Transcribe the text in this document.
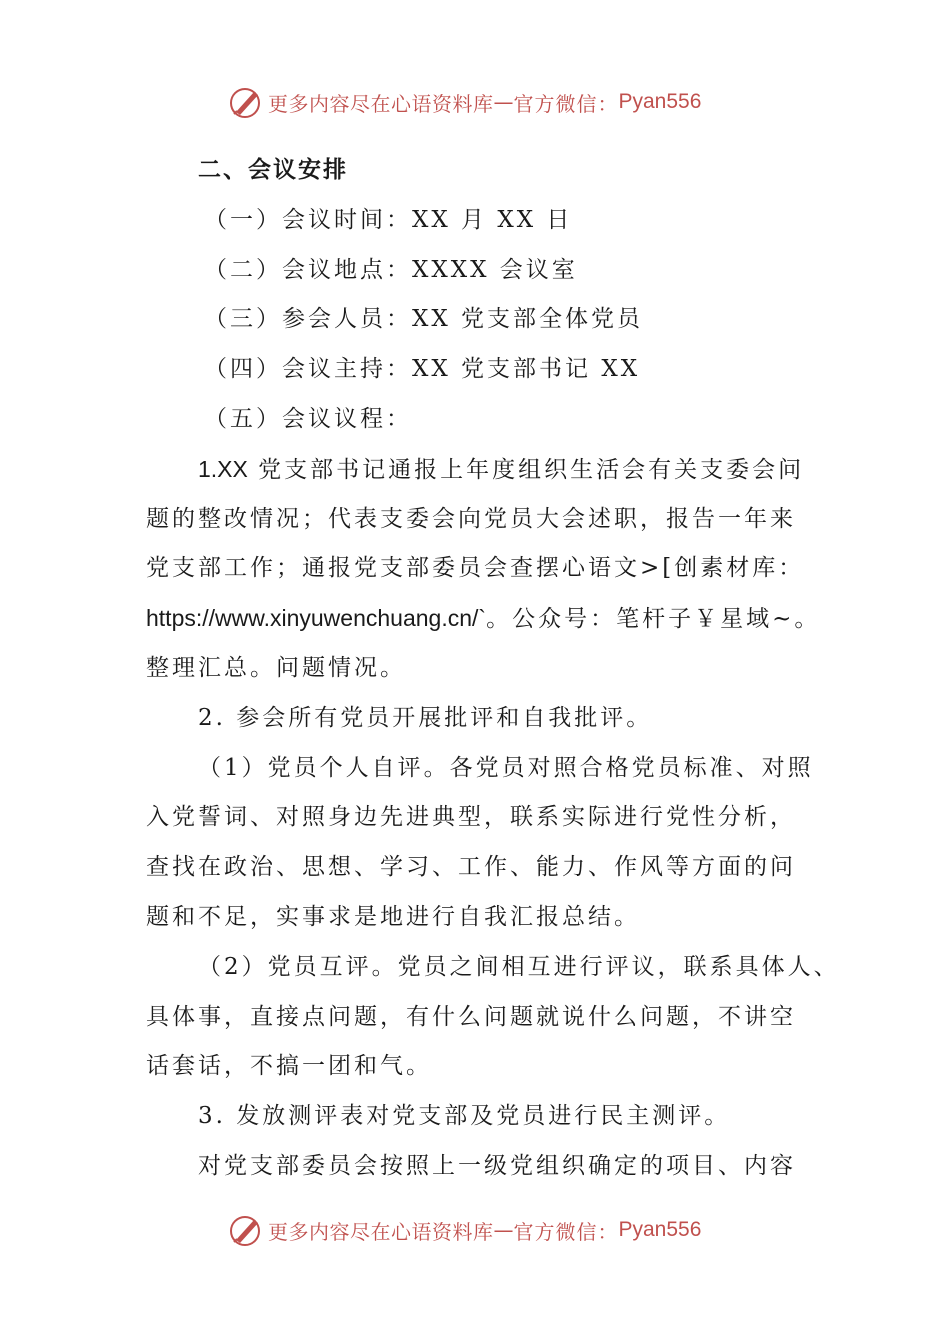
更多内容尽在心语资料库 — 官方微信： Pyan556
二、会议安排
（一）会议时间：XX 月 XX 日
（二）会议地点：XXXX 会议室
（三）参会人员：XX 党支部全体党员
（四）会议主持：XX 党支部书记 XX
（五）会议议程：
1.XX 党支部书记通报上年度组织生活会有关支委会问
题的整改情况；代表支委会向党员大会述职，报告一年来
党支部工作；通报党支部委员会查摆心语文>[创素材库：
https://www.xinyuwenchuang.cn/`。公众号：笔杆子￥星域~。
整理汇总。问题情况。
2. 参会所有党员开展批评和自我批评。
（1）党员个人自评。各党员对照合格党员标准、对照
入党誓词、对照身边先进典型，联系实际进行党性分析，
查找在政治、思想、学习、工作、能力、作风等方面的问
题和不足，实事求是地进行自我汇报总结。
（2）党员互评。党员之间相互进行评议，联系具体人、
具体事，直接点问题，有什么问题就说什么问题，不讲空
话套话，不搞一团和气。
3. 发放测评表对党支部及党员进行民主测评。
对党支部委员会按照上一级党组织确定的项目、内容
更多内容尽在心语资料库 — 官方微信： Pyan556
